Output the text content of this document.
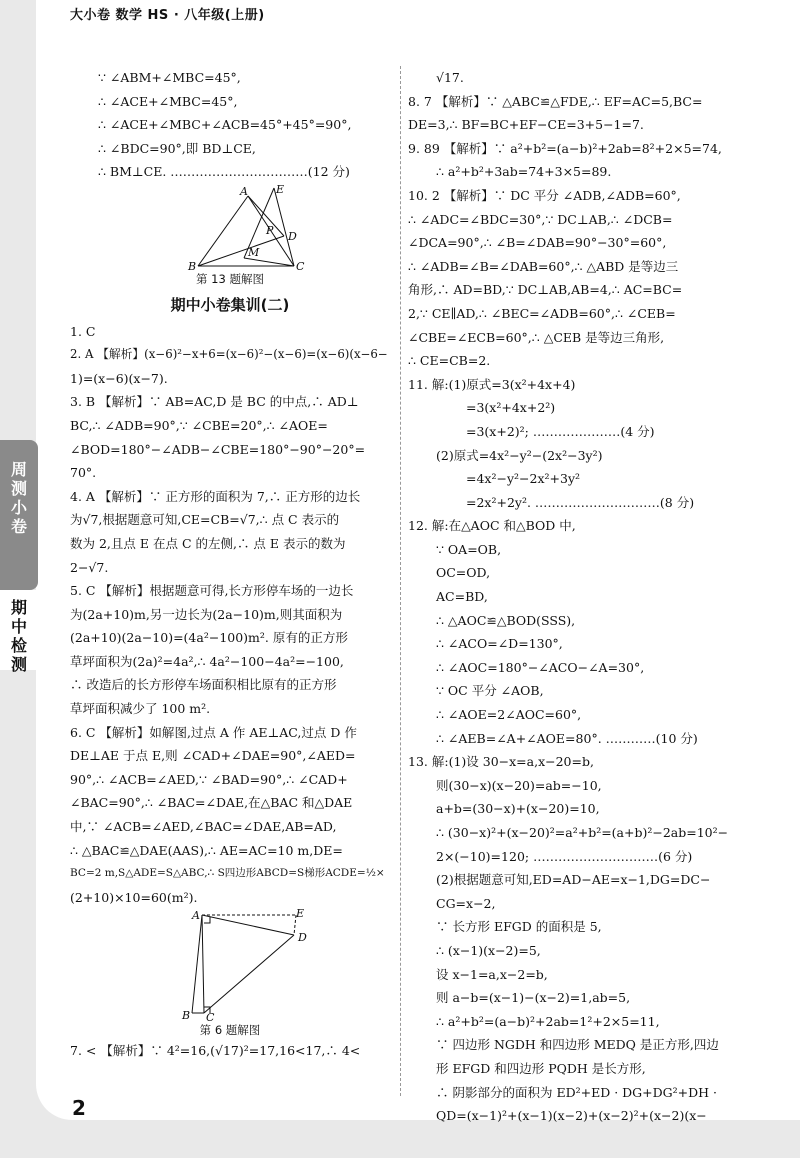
大小卷 数学 HS · 八年级(上册)
周测小卷
期中检测
∵ ∠ABM+∠MBC=45°,
∴ ∠ACE+∠MBC=45°,
∴ ∠ACE+∠MBC+∠ACB=45°+45°=90°,
∴ ∠BDC=90°,即 BD⊥CE,
∴ BM⊥CE. ……………………………(12 分)
A	E
P D
M
B	C
第 13 题解图
期中小卷集训(二)
1. C
2. A 【解析】(x−6)²−x+6=(x−6)²−(x−6)=(x−6)(x−6−
1)=(x−6)(x−7).
3. B 【解析】∵ AB=AC,D 是 BC 的中点,∴ AD⊥
BC,∴ ∠ADB=90°,∵ ∠CBE=20°,∴ ∠AOE=
∠BOD=180°−∠ADB−∠CBE=180°−90°−20°=
70°.
4. A 【解析】∵ 正方形的面积为 7,∴ 正方形的边长
为√7,根据题意可知,CE=CB=√7,∴ 点 C 表示的
数为 2,且点 E 在点 C 的左侧,∴ 点 E 表示的数为
2−√7.
5. C 【解析】根据题意可得,长方形停车场的一边长
为(2a+10)m,另一边长为(2a−10)m,则其面积为
(2a+10)(2a−10)=(4a²−100)m². 原有的正方形
草坪面积为(2a)²=4a²,∴ 4a²−100−4a²=−100,
∴ 改造后的长方形停车场面积相比原有的正方形
草坪面积减少了 100 m².
6. C 【解析】如解图,过点 A 作 AE⊥AC,过点 D 作
DE⊥AE 于点 E,则 ∠CAD+∠DAE=90°,∠AED=
90°,∴ ∠ACB=∠AED,∵ ∠BAD=90°,∴ ∠CAD+
∠BAC=90°,∴ ∠BAC=∠DAE,在△BAC 和△DAE
中,∵ ∠ACB=∠AED,∠BAC=∠DAE,AB=AD,
∴ △BAC≌△DAE(AAS),∴ AE=AC=10 m,DE=
BC=2 m,S△ADE=S△ABC,∴ S四边形ABCD=S梯形ACDE=½×
(2+10)×10=60(m²).
A	E
D
B C
第 6 题解图
7. < 【解析】∵ 4²=16,(√17)²=17,16<17,∴ 4<
√17.
8. 7 【解析】∵ △ABC≌△FDE,∴ EF=AC=5,BC=
DE=3,∴ BF=BC+EF−CE=3+5−1=7.
9. 89 【解析】∵ a²+b²=(a−b)²+2ab=8²+2×5=74,
∴ a²+b²+3ab=74+3×5=89.
10. 2 【解析】∵ DC 平分 ∠ADB,∠ADB=60°,
∴ ∠ADC=∠BDC=30°,∵ DC⊥AB,∴ ∠DCB=
∠DCA=90°,∴ ∠B=∠DAB=90°−30°=60°,
∴ ∠ADB=∠B=∠DAB=60°,∴ △ABD 是等边三
角形,∴ AD=BD,∵ DC⊥AB,AB=4,∴ AC=BC=
2,∵ CE∥AD,∴ ∠BEC=∠ADB=60°,∴ ∠CEB=
∠CBE=∠ECB=60°,∴ △CEB 是等边三角形,
∴ CE=CB=2.
11. 解:(1)原式=3(x²+4x+4)
=3(x²+4x+2²)
=3(x+2)²; …………………(4 分)
(2)原式=4x²−y²−(2x²−3y²)
=4x²−y²−2x²+3y²
=2x²+2y². …………………………(8 分)
12. 解:在△AOC 和△BOD 中,
∵ OA=OB,
OC=OD,
AC=BD,
∴ △AOC≌△BOD(SSS),
∴ ∠ACO=∠D=130°,
∴ ∠AOC=180°−∠ACO−∠A=30°,
∵ OC 平分 ∠AOB,
∴ ∠AOE=2∠AOC=60°,
∴ ∠AEB=∠A+∠AOE=80°. …………(10 分)
13. 解:(1)设 30−x=a,x−20=b,
则(30−x)(x−20)=ab=−10,
a+b=(30−x)+(x−20)=10,
∴ (30−x)²+(x−20)²=a²+b²=(a+b)²−2ab=10²−
2×(−10)=120; …………………………(6 分)
(2)根据题意可知,ED=AD−AE=x−1,DG=DC−
CG=x−2,
∵ 长方形 EFGD 的面积是 5,
∴ (x−1)(x−2)=5,
设 x−1=a,x−2=b,
则 a−b=(x−1)−(x−2)=1,ab=5,
∴ a²+b²=(a−b)²+2ab=1²+2×5=11,
∵ 四边形 NGDH 和四边形 MEDQ 是正方形,四边
形 EFGD 和四边形 PQDH 是长方形,
∴ 阴影部分的面积为 ED²+ED · DG+DG²+DH ·
QD=(x−1)²+(x−1)(x−2)+(x−2)²+(x−2)(x−
2
